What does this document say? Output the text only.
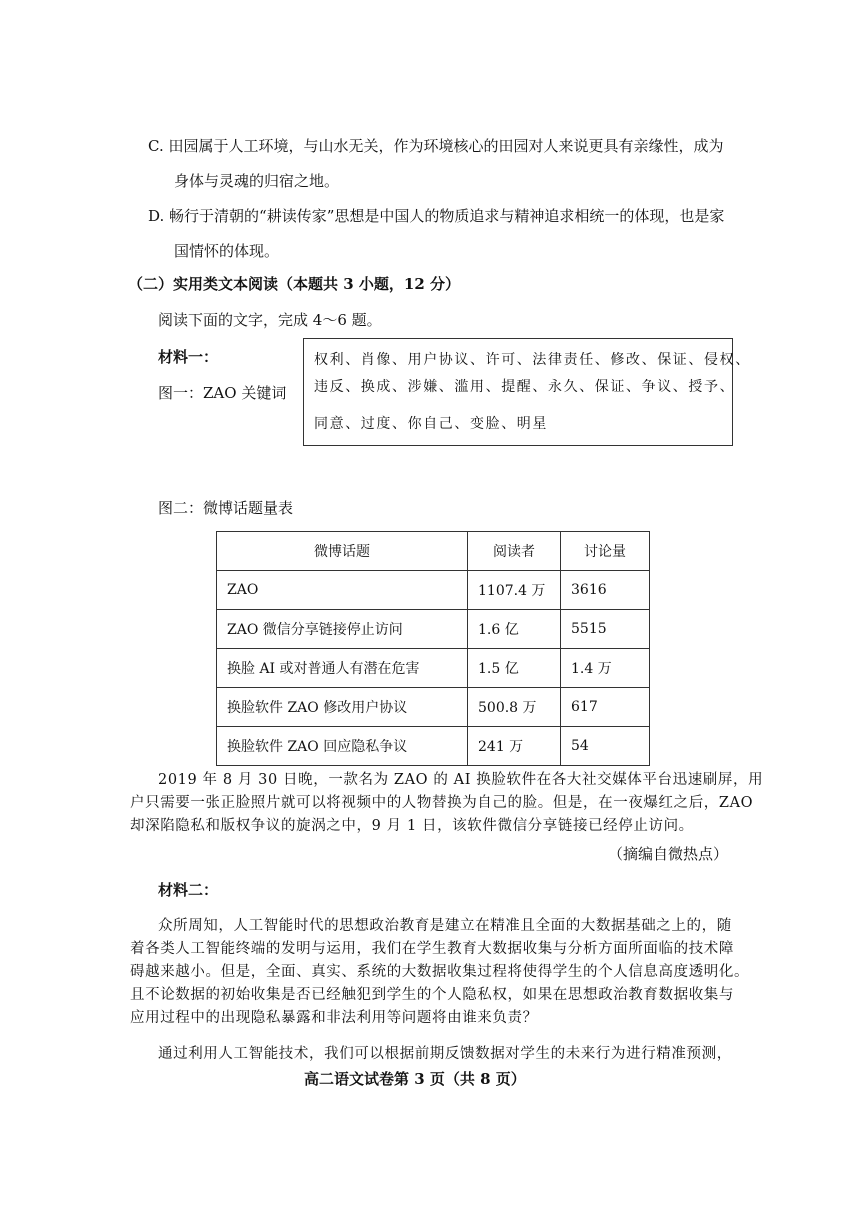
C. 田园属于人工环境，与山水无关，作为环境核心的田园对人来说更具有亲缘性，成为
身体与灵魂的归宿之地。
D. 畅行于清朝的“耕读传家”思想是中国人的物质追求与精神追求相统一的体现，也是家
国情怀的体现。
（二）实用类文本阅读（本题共 3 小题，12 分）
阅读下面的文字，完成 4～6 题。
材料一：
图一：ZAO 关键词
权利、肖像、用户协议、许可、法律责任、修改、保证、侵权、
违反、换成、涉嫌、滥用、提醒、永久、保证、争议、授予、
同意、过度、你自己、变脸、明星
图二：微博话题量表
微博话题	阅读者	讨论量
ZAO	1107.4 万	3616
ZAO 微信分享链接停止访问	1.6 亿	5515
换脸 AI 或对普通人有潜在危害	1.5 亿	1.4 万
换脸软件 ZAO 修改用户协议	500.8 万	617
换脸软件 ZAO 回应隐私争议	241 万	54
2019 年 8 月 30 日晚，一款名为 ZAO 的 AI 换脸软件在各大社交媒体平台迅速刷屏，用
户只需要一张正脸照片就可以将视频中的人物替换为自己的脸。但是，在一夜爆红之后，ZAO
却深陷隐私和版权争议的旋涡之中，9 月 1 日，该软件微信分享链接已经停止访问。
（摘编自微热点）
材料二：
众所周知，人工智能时代的思想政治教育是建立在精准且全面的大数据基础之上的，随
着各类人工智能终端的发明与运用，我们在学生教育大数据收集与分析方面所面临的技术障
碍越来越小。但是，全面、真实、系统的大数据收集过程将使得学生的个人信息高度透明化。
且不论数据的初始收集是否已经触犯到学生的个人隐私权，如果在思想政治教育数据收集与
应用过程中的出现隐私暴露和非法利用等问题将由谁来负责？
通过利用人工智能技术，我们可以根据前期反馈数据对学生的未来行为进行精准预测，
高二语文试卷第 3 页（共 8 页）
